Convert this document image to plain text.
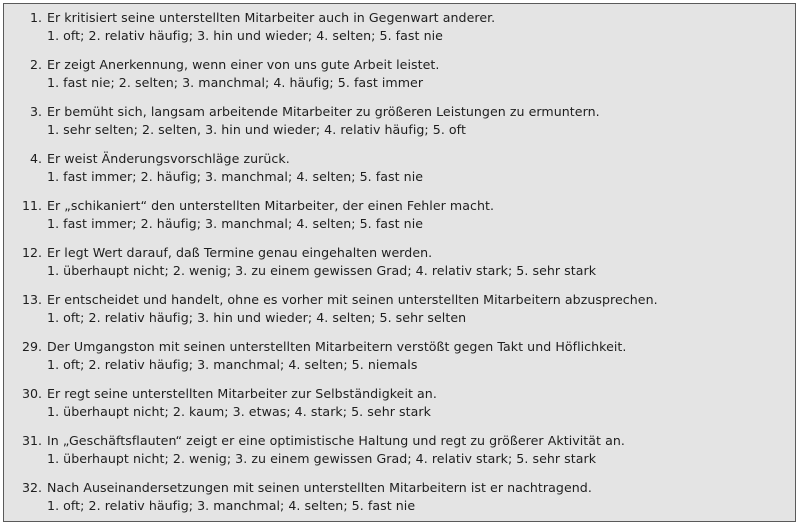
1. Er kritisiert seine unterstellten Mitarbeiter auch in Gegenwart anderer.
1. oft; 2. relativ häufig; 3. hin und wieder; 4. selten; 5. fast nie
2. Er zeigt Anerkennung, wenn einer von uns gute Arbeit leistet.
1. fast nie; 2. selten; 3. manchmal; 4. häufig; 5. fast immer
3. Er bemüht sich, langsam arbeitende Mitarbeiter zu größeren Leistungen zu ermuntern.
1. sehr selten; 2. selten, 3. hin und wieder; 4. relativ häufig; 5. oft
4. Er weist Änderungsvorschläge zurück.
1. fast immer; 2. häufig; 3. manchmal; 4. selten; 5. fast nie
11. Er „schikaniert“ den unterstellten Mitarbeiter, der einen Fehler macht.
1. fast immer; 2. häufig; 3. manchmal; 4. selten; 5. fast nie
12. Er legt Wert darauf, daß Termine genau eingehalten werden.
1. überhaupt nicht; 2. wenig; 3. zu einem gewissen Grad; 4. relativ stark; 5. sehr stark
13. Er entscheidet und handelt, ohne es vorher mit seinen unterstellten Mitarbeitern abzusprechen.
1. oft; 2. relativ häufig; 3. hin und wieder; 4. selten; 5. sehr selten
29. Der Umgangston mit seinen unterstellten Mitarbeitern verstößt gegen Takt und Höflichkeit.
1. oft; 2. relativ häufig; 3. manchmal; 4. selten; 5. niemals
30. Er regt seine unterstellten Mitarbeiter zur Selbständigkeit an.
1. überhaupt nicht; 2. kaum; 3. etwas; 4. stark; 5. sehr stark
31. In „Geschäftsflauten“ zeigt er eine optimistische Haltung und regt zu größerer Aktivität an.
1. überhaupt nicht; 2. wenig; 3. zu einem gewissen Grad; 4. relativ stark; 5. sehr stark
32. Nach Auseinandersetzungen mit seinen unterstellten Mitarbeitern ist er nachtragend.
1. oft; 2. relativ häufig; 3. manchmal; 4. selten; 5. fast nie
